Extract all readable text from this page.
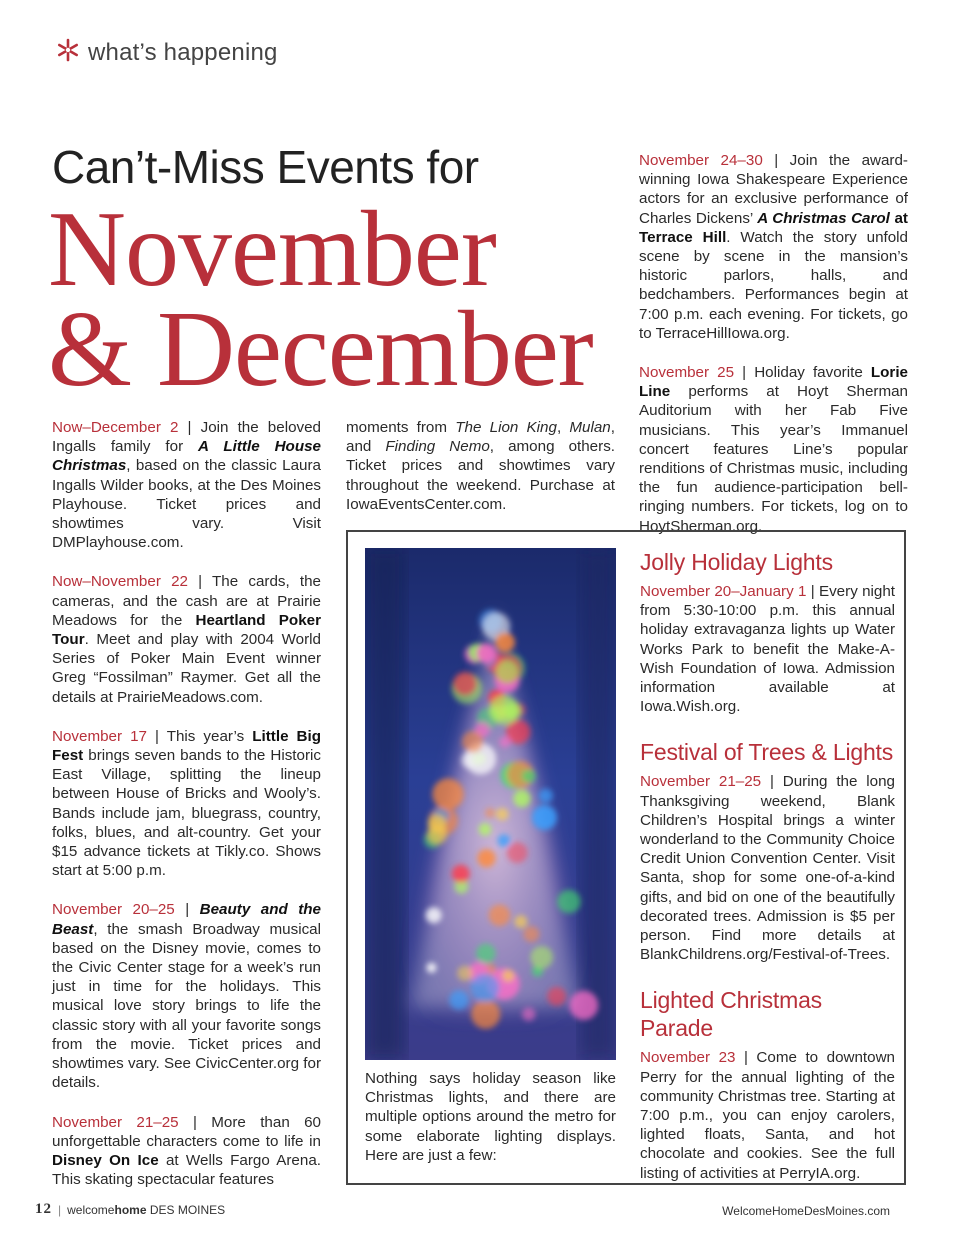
what’s happening
Can’t-Miss Events for
November
& December

Now–December 2 | Join the beloved Ingalls family for A Little House Christmas, based on the classic Laura Ingalls Wilder books, at the Des Moines Playhouse. Ticket prices and showtimes vary. Visit DMPlayhouse.com.

Now–November 22 | The cards, the cameras, and the cash are at Prairie Meadows for the Heartland Poker Tour. Meet and play with 2004 World Series of Poker Main Event winner Greg “Fossilman” Raymer. Get all the details at PrairieMeadows.com.

November 17 | This year’s Little Big Fest brings seven bands to the Historic East Village, splitting the lineup between House of Bricks and Wooly’s. Bands include jam, bluegrass, country, folks, blues, and alt-country. Get your $15 advance tickets at Tikly.co. Shows start at 5:00 p.m.

November 20–25 | Beauty and the Beast, the smash Broadway musical based on the Disney movie, comes to the Civic Center stage for a week’s run just in time for the holidays. This musical love story brings to life the classic story with all your favorite songs from the movie. Ticket prices and showtimes vary. See CivicCenter.org for details.

November 21–25 | More than 60 unforgettable characters come to life in Disney On Ice at Wells Fargo Arena. This skating spectacular features

moments from The Lion King, Mulan, and Finding Nemo, among others. Ticket prices and showtimes vary throughout the weekend. Purchase at IowaEventsCenter.com.

November 24–30 | Join the award-winning Iowa Shakespeare Experience actors for an exclusive performance of Charles Dickens’ A Christmas Carol at Terrace Hill. Watch the story unfold scene by scene in the mansion’s historic parlors, halls, and bedchambers. Performances begin at 7:00 p.m. each evening. For tickets, go to TerraceHillIowa.org.

November 25 | Holiday favorite Lorie Line performs at Hoyt Sherman Auditorium with her Fab Five musicians. This year’s Immanuel concert features Line’s popular renditions of Christmas music, including the fun audience-participation bell-ringing numbers. For tickets, log on to HoytSherman.org.

Nothing says holiday season like Christmas lights, and there are multiple options around the metro for some elaborate lighting displays. Here are just a few:
Jolly Holiday Lights

November 20–January 1 | Every night from 5:30-10:00 p.m. this annual holiday extravaganza lights up Water Works Park to benefit the Make-A-Wish Foundation of Iowa. Admission information available at Iowa.Wish.org.

Festival of Trees & Lights

November 21–25 | During the long Thanksgiving weekend, Blank Children’s Hospital brings a winter wonderland to the Community Choice Credit Union Convention Center. Visit Santa, shop for some one-of-a-kind gifts, and bid on one of the beautifully decorated trees. Admission is $5 per person. Find more details at BlankChildrens.org/Festival-of-Trees.

Lighted Christmas Parade

November 23 | Come to downtown Perry for the annual lighting of the community Christmas tree. Starting at 7:00 p.m., you can enjoy carolers, lighted floats, Santa, and hot chocolate and cookies. See the full listing of activities at PerryIA.org.

12 | welcomehome DES MOINES	WelcomeHomeDesMoines.com
